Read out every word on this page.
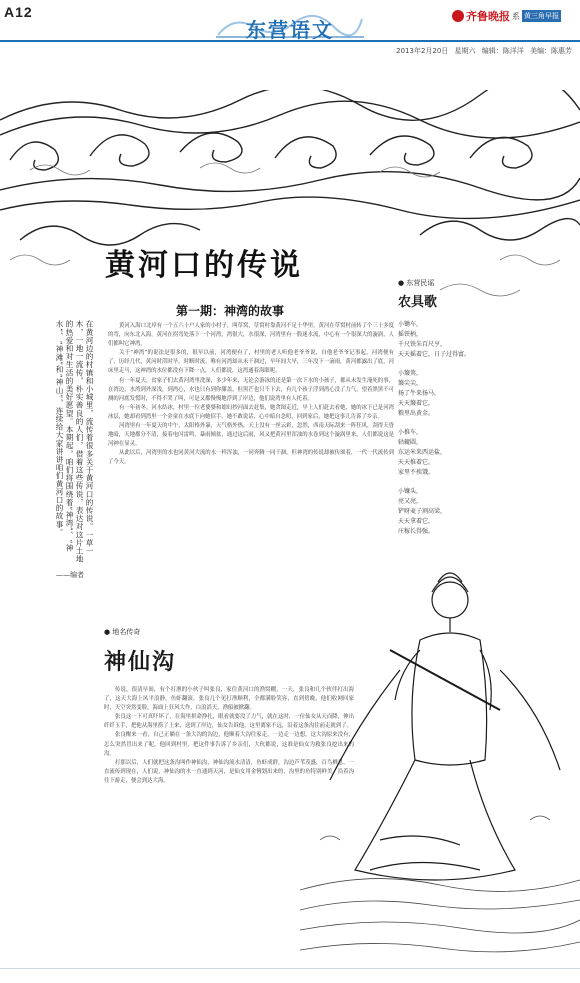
A12
东营语文
齐鲁晚报 系 黄三角早报
2013年2月20日 星期六 编辑：陈洋洋 美编：陈惠芳
黄河口的传说
第一期：神湾的故事
在黄河边的村镇和小城里，流传着很多关于黄河口的传说。一草一木，一地一流传，朴实善良的人们，借着这些传说，表达对这片土地的热爱和对生活的美好愿望。本期起，咱们将围绕着“神湾”、“神水”、“神滩”和“神山”，连续给大家讲讲咱们黄河口的故事。
——编者

黄河入海口北岸有一个五六十户人家的小村子，叫草窝，草窝村靠黄河不足十华里，黄河在草窝村前转了个三十多度的弯，向东北入海，黄河在拐弯处落下一个河湾，湾很大，水很深，河湾里有一股迷水流，中心有一个很深大的漩涡，人们都叫它神湾。

关于“神湾”的说法是很多的，很早以前，河湾便有了，村里的老人听他老爷爷说，自他老爷爷记事起，河湾便有了，历经几代，黄河时涝时旱，时断时流，唯有河湾却从未干涸过，早年间大旱，三年没下一滴雨，黄河都露出了底，河床里走马，这神湾的水位都没有下降一点，人们都说，这湾通着海眼呢。

有一年夏天，贫家子们去黄河湾里洗澡，多少年来，无论会游泳的还是第一次下水的小孩子，都从未发生淹死的事，在湾边，水湾到外深浅，到湾心，水也只有到你膝盖，但黑芒也只不下去，有几个孩子浮到湾心没了力气，望着黑黑不可测的河底发慌时，不得不哭了叫，可是又都慢慢地浮到了岸边，他们说湾里有人托着。

有一年初冬，河水结冰，村里一位老婆婆和媳妇抄河面去赶集，她贪图走近，早上人们赶去看她，她的冰下已是河湾冰层，她却看到湾里一个金童在水底下向她招手，她不敢说话，心中暗自念叨，回到家后，她把这事儿告诉了乡亲。

河湾里有一年夏天的中午，太阳格外暴，天气格外热，天上没有一丝云彩，忽然，西南天际刮来一阵狂风，刮得天昏地暗，天地都分不清，接着电闪雷鸣，暴雨倾盆，通过这后雨，风又把黄河里浑浊的水卷到这个漩涡里来，人们都说这是河神在显灵。

从此以后，河湾里的水也同黄河大流的水一样浑浊，一同奔腾一同干涸，但神湾的传说却被传颂着，一代一代流传到了今天。

● 东营民谣
农具歌
小锄车，
摇铁柄，
千尺铁朱百尺亨，
天天摇着它，日子过得富。
小簸箕，
簸尖尖，
扬了牛来扬马，
天天簸着它，
粮里出黄金。
小推车，
轱辘圆，
东运米来西运盐，
天天推着它，
家里不挨饿。
小镰头，
亮又亮，
铲呀麦子割高梁，
天天拿着它，
庄稼长得强。
● 地名传奇
神仙沟

传说，很清早间，有个打渔的小伙子叫张良，家住黄河口的渔窝棚，一天，张良和几个伙伴打出海了，这天大海上风平浪静，鱼虾翻滚，张良几个见打渔顺利，全都满脸笑容，直到傍晚，他们收网回家时，天空突然变脸，海面上狂风大作，白浪滔天，渔船被掀翻。

张良这一下可真吓坏了，在海里拼命挣扎，眼看就要没了力气，就在这时，一位仙女从天而降，伸出纤纤玉手，把他从海里捞了上来，送到了岸边，仙女告诉他，这里离家不远，沿着这条沟往前走就到了。

张良醒来一看，自己正躺在一条大沟的沟边，他顺着大沟往家走，一边走一边想，这大沟原来没有，怎么突然冒出来了呢，他回到村里，把这件事告诉了乡亲们，大伙都说，这准是仙女为救张良挖出来的沟。

打那以后，人们就把这条沟叫作神仙沟，神仙沟流水清清，鱼虾成群，沟边芦苇茂盛，百鸟栖息，一直流传到现在，人们说，神仙沟的水一直通到天河，是仙女用金簪划出来的，沟里的鱼特别鲜美，沿着沟往下游走，便会到达大海。
